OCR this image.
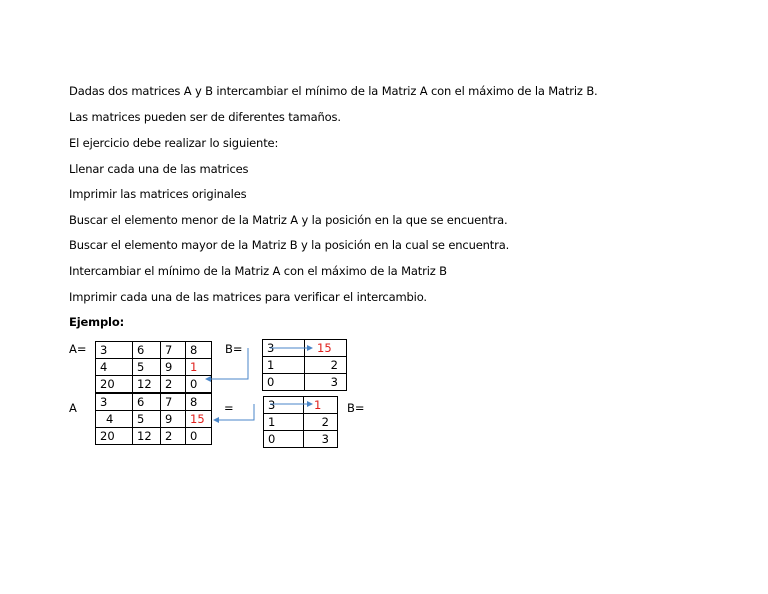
Dadas dos matrices A y B intercambiar el mínimo de la Matriz A con el máximo de la Matriz B.
Las matrices pueden ser de diferentes tamaños.
El ejercicio debe realizar lo siguiente:
Llenar cada una de las matrices
Imprimir las matrices originales
Buscar el elemento menor de la Matriz A y la posición en la que se encuentra.
Buscar el elemento mayor de la Matriz B y la posición en la cual se encuentra.
Intercambiar el mínimo de la Matriz A con el máximo de la Matriz B
Imprimir cada una de las matrices para verificar el intercambio.
Ejemplo:
A=	B=
A	=	B=
3	6	7	8
4	5	9	1
20	12	2	0
3	15
1	2
0	3
3	6	7	8
4	5	9	15
20	12	2	0
3	1
1	2
0	3
